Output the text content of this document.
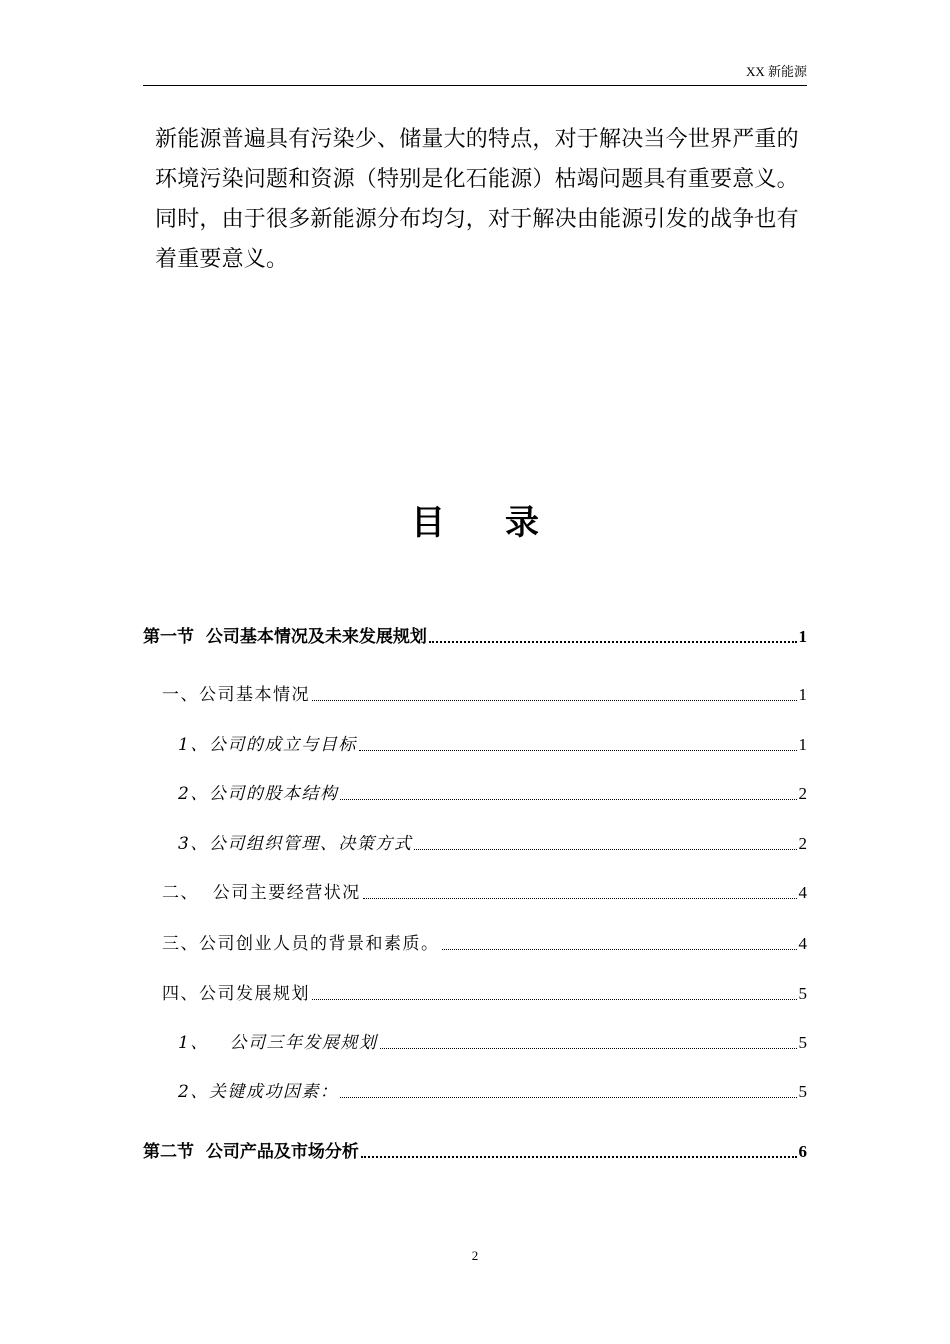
XX 新能源

新能源普遍具有污染少、储量大的特点，对于解决当今世界严重的环境污染问题和资源（特别是化石能源）枯竭问题具有重要意义。同时，由于很多新能源分布均匀，对于解决由能源引发的战争也有着重要意义。

目录
第一节  公司基本情况及未来发展规划	1
一、公司基本情况	1
1、公司的成立与目标	1
2、公司的股本结构	2
3、公司组织管理、决策方式	2
二、  公司主要经营状况	4
三、公司创业人员的背景和素质。	4
四、公司发展规划	5
1、   公司三年发展规划	5
2、关键成功因素：	5
第二节  公司产品及市场分析	6
2
